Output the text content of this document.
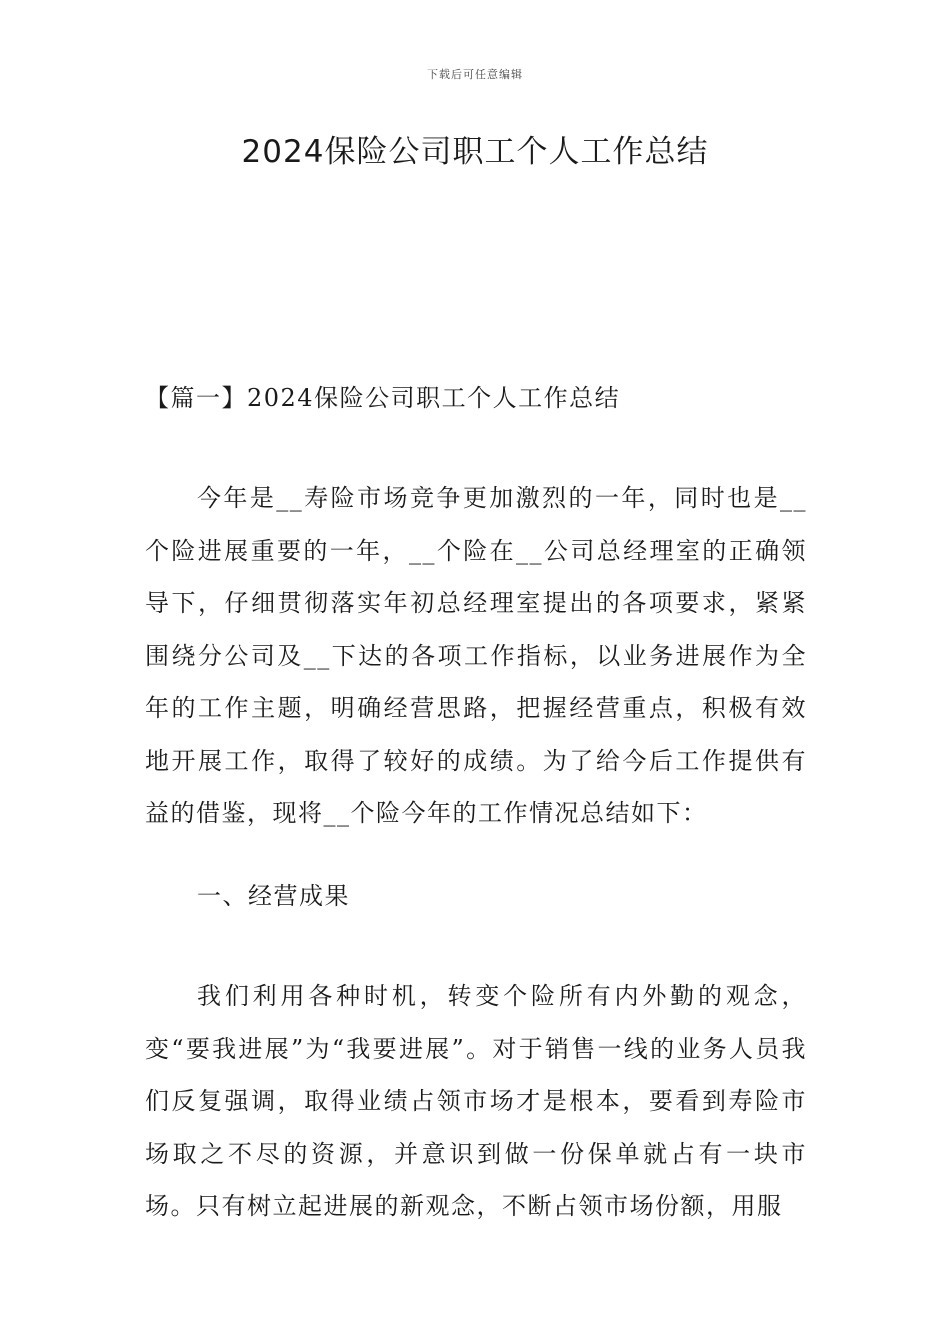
下载后可任意编辑
2024保险公司职工个人工作总结
【篇一】2024保险公司职工个人工作总结
今年是__寿险市场竞争更加激烈的一年，同时也是__个险进展重要的一年，__个险在__公司总经理室的正确领导下，仔细贯彻落实年初总经理室提出的各项要求，紧紧围绕分公司及__下达的各项工作指标，以业务进展作为全年的工作主题，明确经营思路，把握经营重点，积极有效地开展工作，取得了较好的成绩。为了给今后工作提供有益的借鉴，现将__个险今年的工作情况总结如下：
一、经营成果
我们利用各种时机，转变个险所有内外勤的观念，变“要我进展”为“我要进展”。对于销售一线的业务人员我们反复强调，取得业绩占领市场才是根本，要看到寿险市场取之不尽的资源，并意识到做一份保单就占有一块市场。只有树立起进展的新观念，不断占领市场份额，用服
